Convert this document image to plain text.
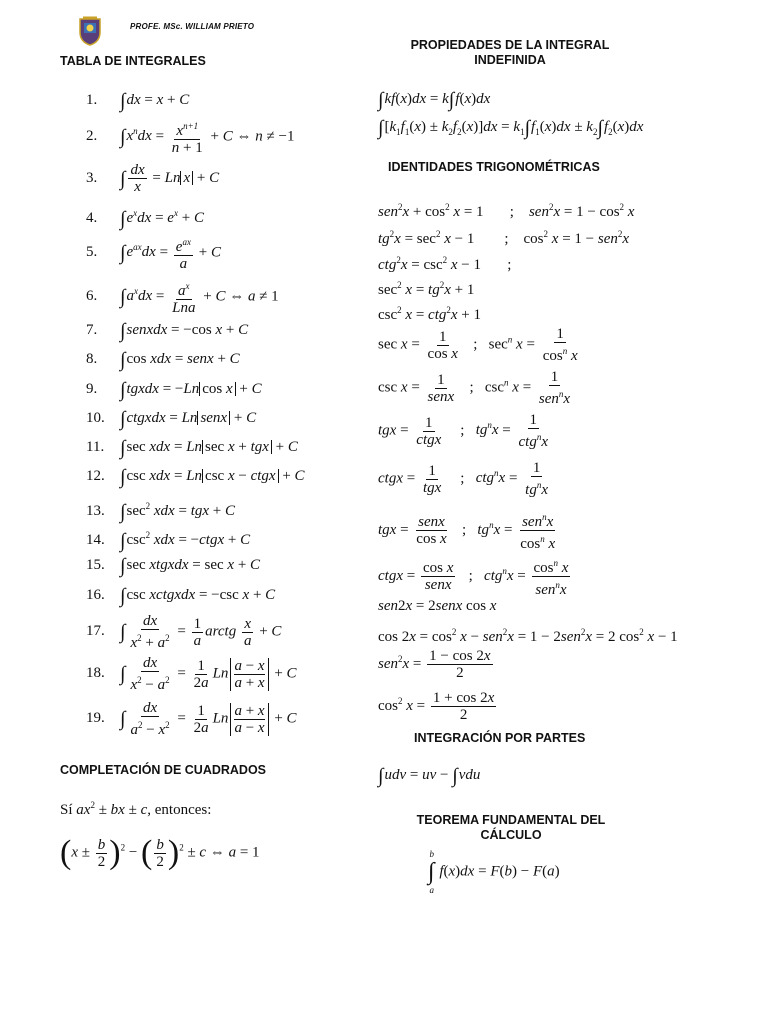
PROFE. MSc. WILLIAM PRIETO
TABLA DE INTEGRALES
1. ∫dx = x + C
2. $\int x^ndx = \frac{x^{n+1}}{n + 1} + C$ ⇔ n ≠ −1
3. ∫ $\frac{dx}{x} = Ln$ x + C
4. $\int e^xdx = e^x + C$
5. $\int e^{ax}dx = \frac{e^{ax}}{a} + C$
6. $\int a^xdx = \frac{a^x}{\text{Lna}} + C$ ⇔ a ≠ 1
7. ∫senxdx = −cos x + C
8. ∫cos xdx = senx + C
9. ∫tgxdx = −Ln cos x + C
10. ∫ctgxdx = Ln senx + C
11. ∫sec xdx = Ln sec x + tgx + C
12. ∫csc xdx = Ln csc x − ctgx + C
13. $\int\sec^2$ xdx = tgx + C
14. $\int\csc^2$ xdx = −ctgx + C
15. ∫sec xtgxdx = sec x + C
16. ∫csc xctgxdx = −csc x + C
17. ∫ $\frac{dx}{x^2 + a^2} = \frac{1}{a}$ arctg $\frac{x}{a} + C$
18. ∫ $\frac{dx}{x^2 - a^2} = \frac{1}{2a}$ Ln $\frac{a - x}{a + x} + C$
19. ∫ $\frac{dx}{a^2 - x^2} = \frac{1}{2a}$ Ln $\frac{a + x}{a - x} + C$
COMPLETACIÓN DE CUADRADOS
Sí $ax^2$ ± bx ± c, entonces:
$(x \pm \frac{b}{2} )^2$ − ( $\frac{b}{2} )^2 \pm c$ ⇔ a = 1
PROPIEDADES DE LA INTEGRAL
INDEFINIDA
∫kf(x)dx = k∫f(x)dx
$\int[k_1f_1(x) \pm k_2f_2(x)]dx = k_1\int f_1(x)dx \pm k_2\int f_2(x)dx$
IDENTIDADES TRIGONOMÉTRICAS
$sen^2x + \cos^2 x = 1$       ;    $sen^2x = 1 - \cos^2 x$
$tg^2x = \sec^2 x - 1$        ;    $\cos^2 x = 1 - sen^2x$
$ctg^2x = \csc^2 x - 1$       ;
$\sec^2 x = tg^2x + 1$
$\csc^2 x = ctg^2x + 1$
$\sec x = \frac{1}{\text{cos x}}$ ;   $\sec^n x = \frac{1}{\cos^n x}$
$\csc x = \frac{1}{\text{senx}}$ ;   $\csc^n x = \frac{1}{sen^nx}$
tgx = $\frac{1}{\text{ctgx}}$ ;   $tg^nx = \frac{1}{ctg^nx}$
ctgx = $\frac{1}{\text{tgx}}$ ;   $ctg^nx = \frac{1}{tg^nx}$
tgx = $\frac{\text{senx}}{\text{cos x}}$ ;   $tg^nx = \frac{sen^nx}{\cos^n x}$
ctgx = $\frac{\text{cos x}}{\text{senx}}$ ;   $ctg^nx = \frac{\cos^n x}{sen^nx}$
sen2x = 2senx cos x
$\cos 2x = \cos^2 x - sen^2x = 1 - 2sen^2x = 2$ $\cos^2 x - 1$
$sen^2x = \frac{1 - \cos 2x}{2}$
$\cos^2 x = \frac{1 + \cos 2x}{2}$
INTEGRACIÓN POR PARTES
∫udv = uv − ∫vdu
TEOREMA FUNDAMENTAL DEL
CÁLCULO
b
∫
a
f(x)dx = F(b) − F(a)
